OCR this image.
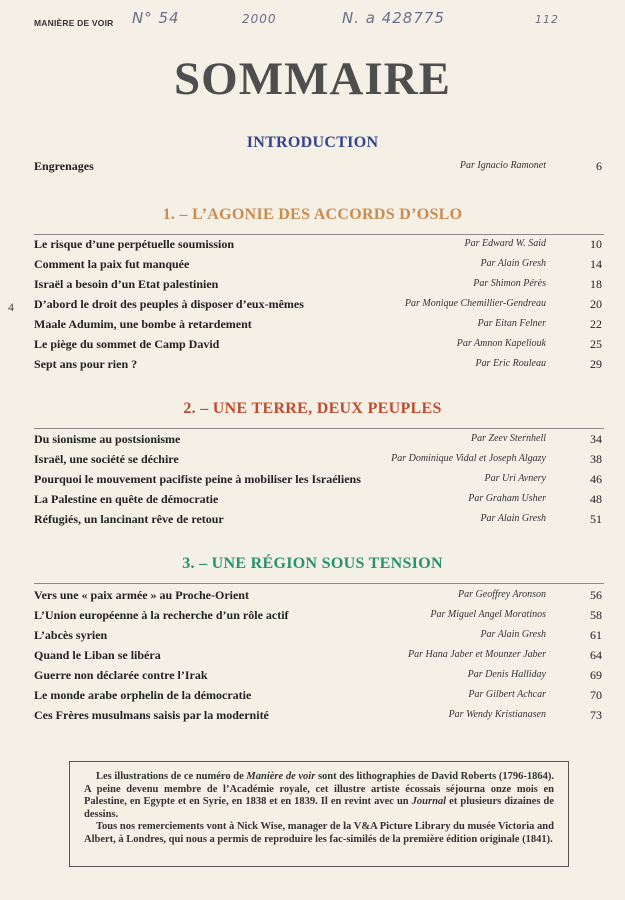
MANIÈRE DE VOIR N° 54	2000	N. a 428775	112
SOMMAIRE
INTRODUCTION
1. – L’AGONIE DES ACCORDS D’OSLO
2. – UNE TERRE, DEUX PEUPLES
3. – UNE RÉGION SOUS TENSION
4
Engrenages	Par Ignacio Ramonet	6
Le risque d’une perpétuelle soumission	Par Edward W. Said	10
Comment la paix fut manquée	Par Alain Gresh	14
Israël a besoin d’un Etat palestinien	Par Shimon Pérès	18
D’abord le droit des peuples à disposer d’eux-mêmes	Par Monique Chemillier-Gendreau	20
Maale Adumim, une bombe à retardement	Par Eitan Felner	22
Le piège du sommet de Camp David	Par Amnon Kapeliouk	25
Sept ans pour rien ?	Par Eric Rouleau	29
Du sionisme au postsionisme	Par Zeev Sternhell	34
Israël, une société se déchire	Par Dominique Vidal et Joseph Algazy	38
Pourquoi le mouvement pacifiste peine à mobiliser les Israéliens	Par Uri Avnery	46
La Palestine en quête de démocratie	Par Graham Usher	48
Réfugiés, un lancinant rêve de retour	Par Alain Gresh	51
Vers une « paix armée » au Proche-Orient	Par Geoffrey Aronson	56
L’Union européenne à la recherche d’un rôle actif	Par Miguel Angel Moratinos	58
L’abcès syrien	Par Alain Gresh	61
Quand le Liban se libéra	Par Hana Jaber et Mounzer Jaber	64
Guerre non déclarée contre l’Irak	Par Denis Halliday	69
Le monde arabe orphelin de la démocratie	Par Gilbert Achcar	70
Ces Frères musulmans saisis par la modernité	Par Wendy Kristianasen	73

Les illustrations de ce numéro de Manière de voir sont des lithographies de David Roberts (1796-1864). A peine devenu membre de l’Académie royale, cet illustre artiste écossais séjourna onze mois en Palestine, en Egypte et en Syrie, en 1838 et en 1839. Il en revint avec un Journal et plusieurs dizaines de dessins.

Tous nos remerciements vont à Nick Wise, manager de la V&A Picture Library du musée Victoria and Albert, à Londres, qui nous a permis de reproduire les fac-similés de la première édition originale (1841).
